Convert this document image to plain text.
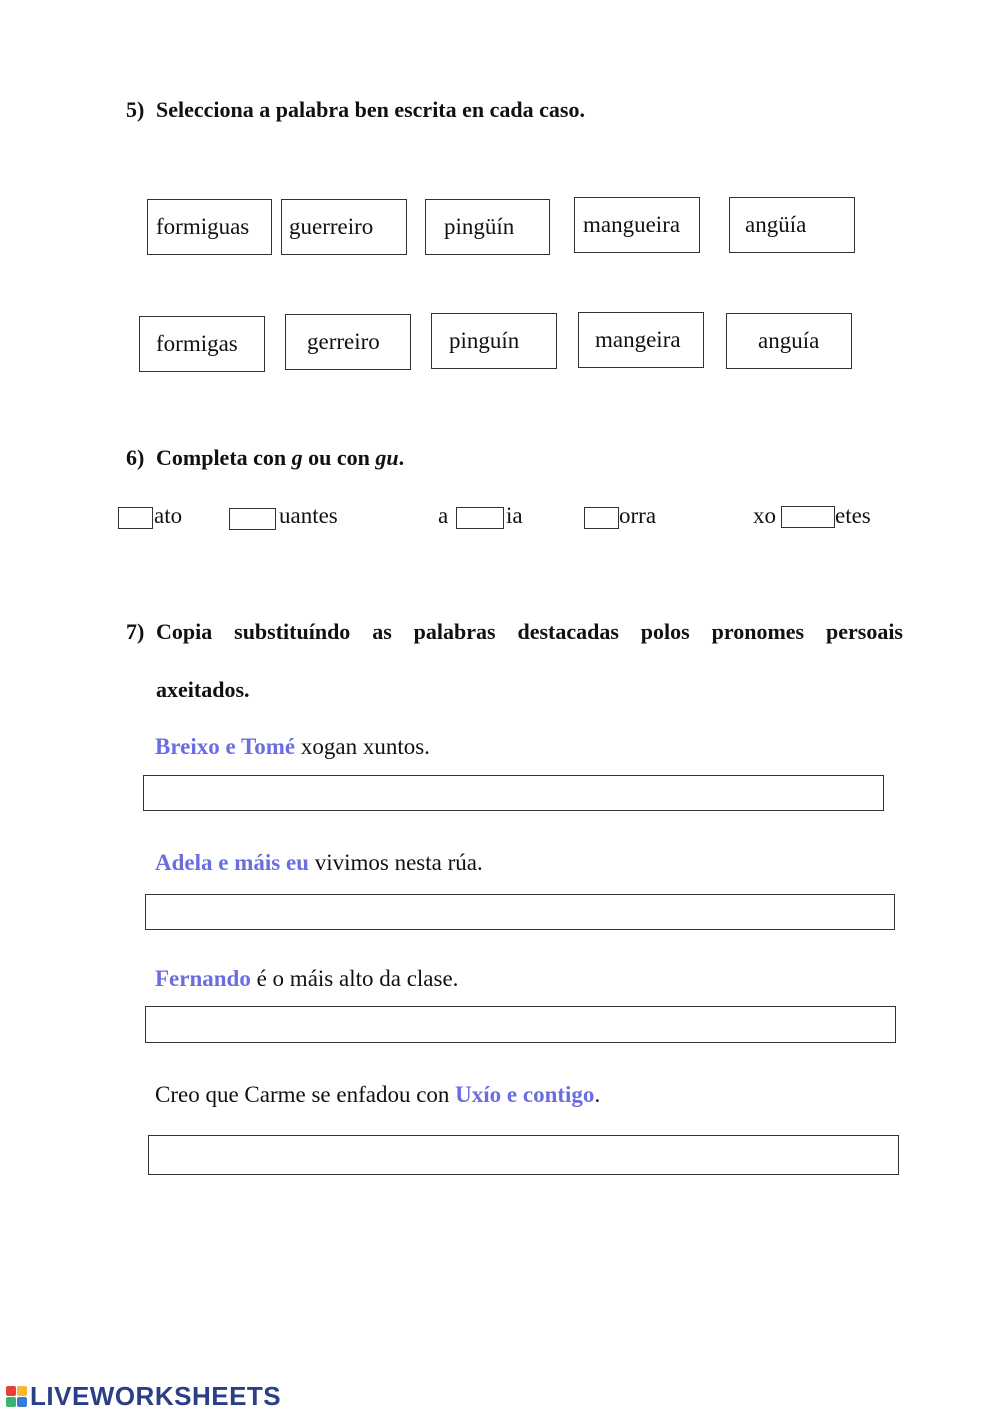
5) Selecciona a palabra ben escrita en cada caso.
formiguas guerreiro	pingüín	mangueira	angüía
formigas	gerreiro	pinguín	mangeira	anguía
6) Completa con g ou con gu.
ato	uantes	a	ia	orra	xo	etes
7) Copia substituíndo as palabras destacadas polos pronomes persoais
axeitados.
Breixo e Tomé xogan xuntos.
Adela e máis eu vivimos nesta rúa.
Fernando é o máis alto da clase.
Creo que Carme se enfadou con Uxío e contigo.
LIVEWORKSHEETS
